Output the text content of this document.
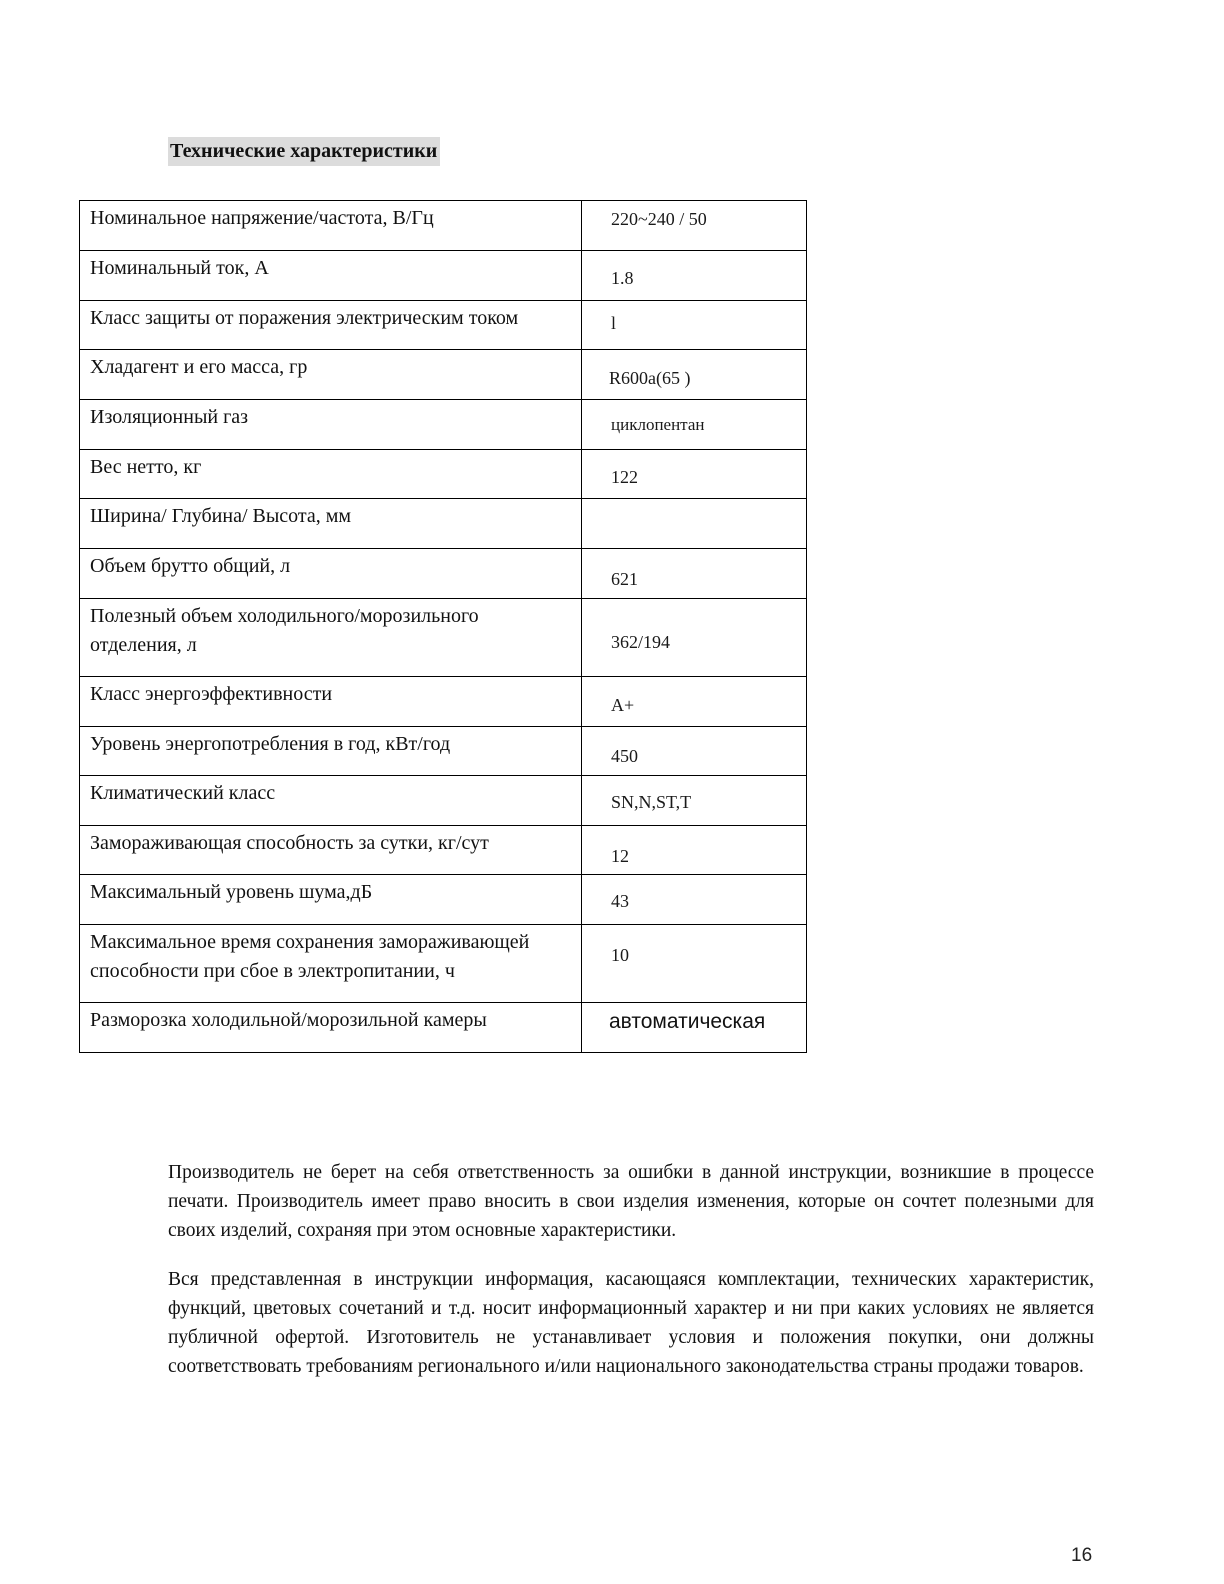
Технические характеристики
Номинальное напряжение/частота, В/Гц	220~240 / 50
Номинальный ток, А	1.8
Класс защиты от поражения электрическим током	l
Хладагент и его масса, гр	R600a(65 )
Изоляционный газ	циклопентан
Вес нетто, кг	122
Ширина/ Глубина/ Высота, мм	
Объем брутто общий, л	621
Полезный объем холодильного/морозильного отделения, л	362/194
Класс энергоэффективности	A+
Уровень энергопотребления в год, кВт/год	450
Климатический класс	SN,N,ST,T
Замораживающая способность за сутки, кг/сут	12
Максимальный уровень шума,дБ	43
Максимальное время сохранения замораживающей способности при сбое в электропитании, ч	10
Разморозка холодильной/морозильной камеры	автоматическая

Производитель не берет на себя ответственность за ошибки в данной инструкции, возникшие в процессе печати. Производитель имеет право вносить в свои изделия изменения, которые он сочтет полезными для своих изделий, сохраняя при этом основные характеристики.

Вся представленная в инструкции информация, касающаяся комплектации, технических характеристик, функций, цветовых сочетаний и т.д. носит информационный характер и ни при каких условиях не является публичной офертой. Изготовитель не устанавливает условия и положения покупки, они должны соответствовать требованиям регионального и/или национального законодательства страны продажи товаров.

16
